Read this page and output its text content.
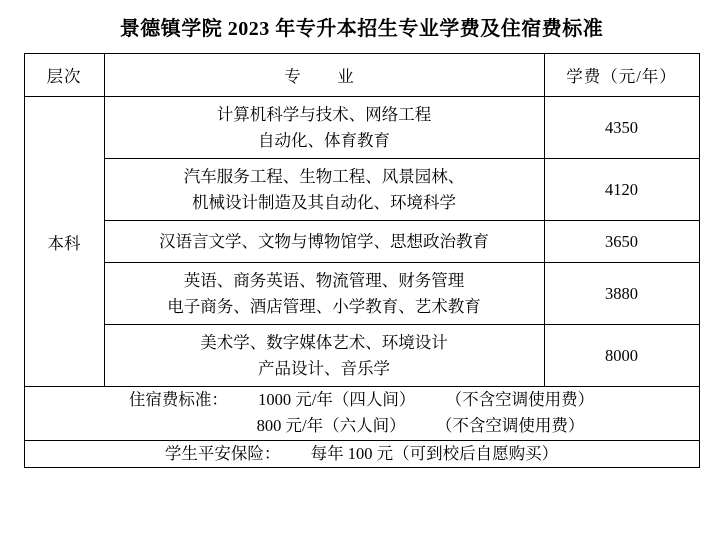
景德镇学院 2023 年专升本招生专业学费及住宿费标准
层次	专　业	学费（元/年）
本科	计算机科学与技术、网络工程
自动化、体育教育	4350

	汽车服务工程、生物工程、风景园林、
机械设计制造及其自动化、环境科学	4120

	汉语言文学、文物与博物馆学、思想政治教育	3650

	英语、商务英语、物流管理、财务管理
电子商务、酒店管理、小学教育、艺术教育	3880

	美术学、数字媒体艺术、环境设计
产品设计、音乐学	8000

住宿费标准： 1000 元/年（四人间） （不含空调使用费）
800 元/年（六人间） （不含空调使用费）		

学生平安保险： 每年 100 元（可到校后自愿购买）		
